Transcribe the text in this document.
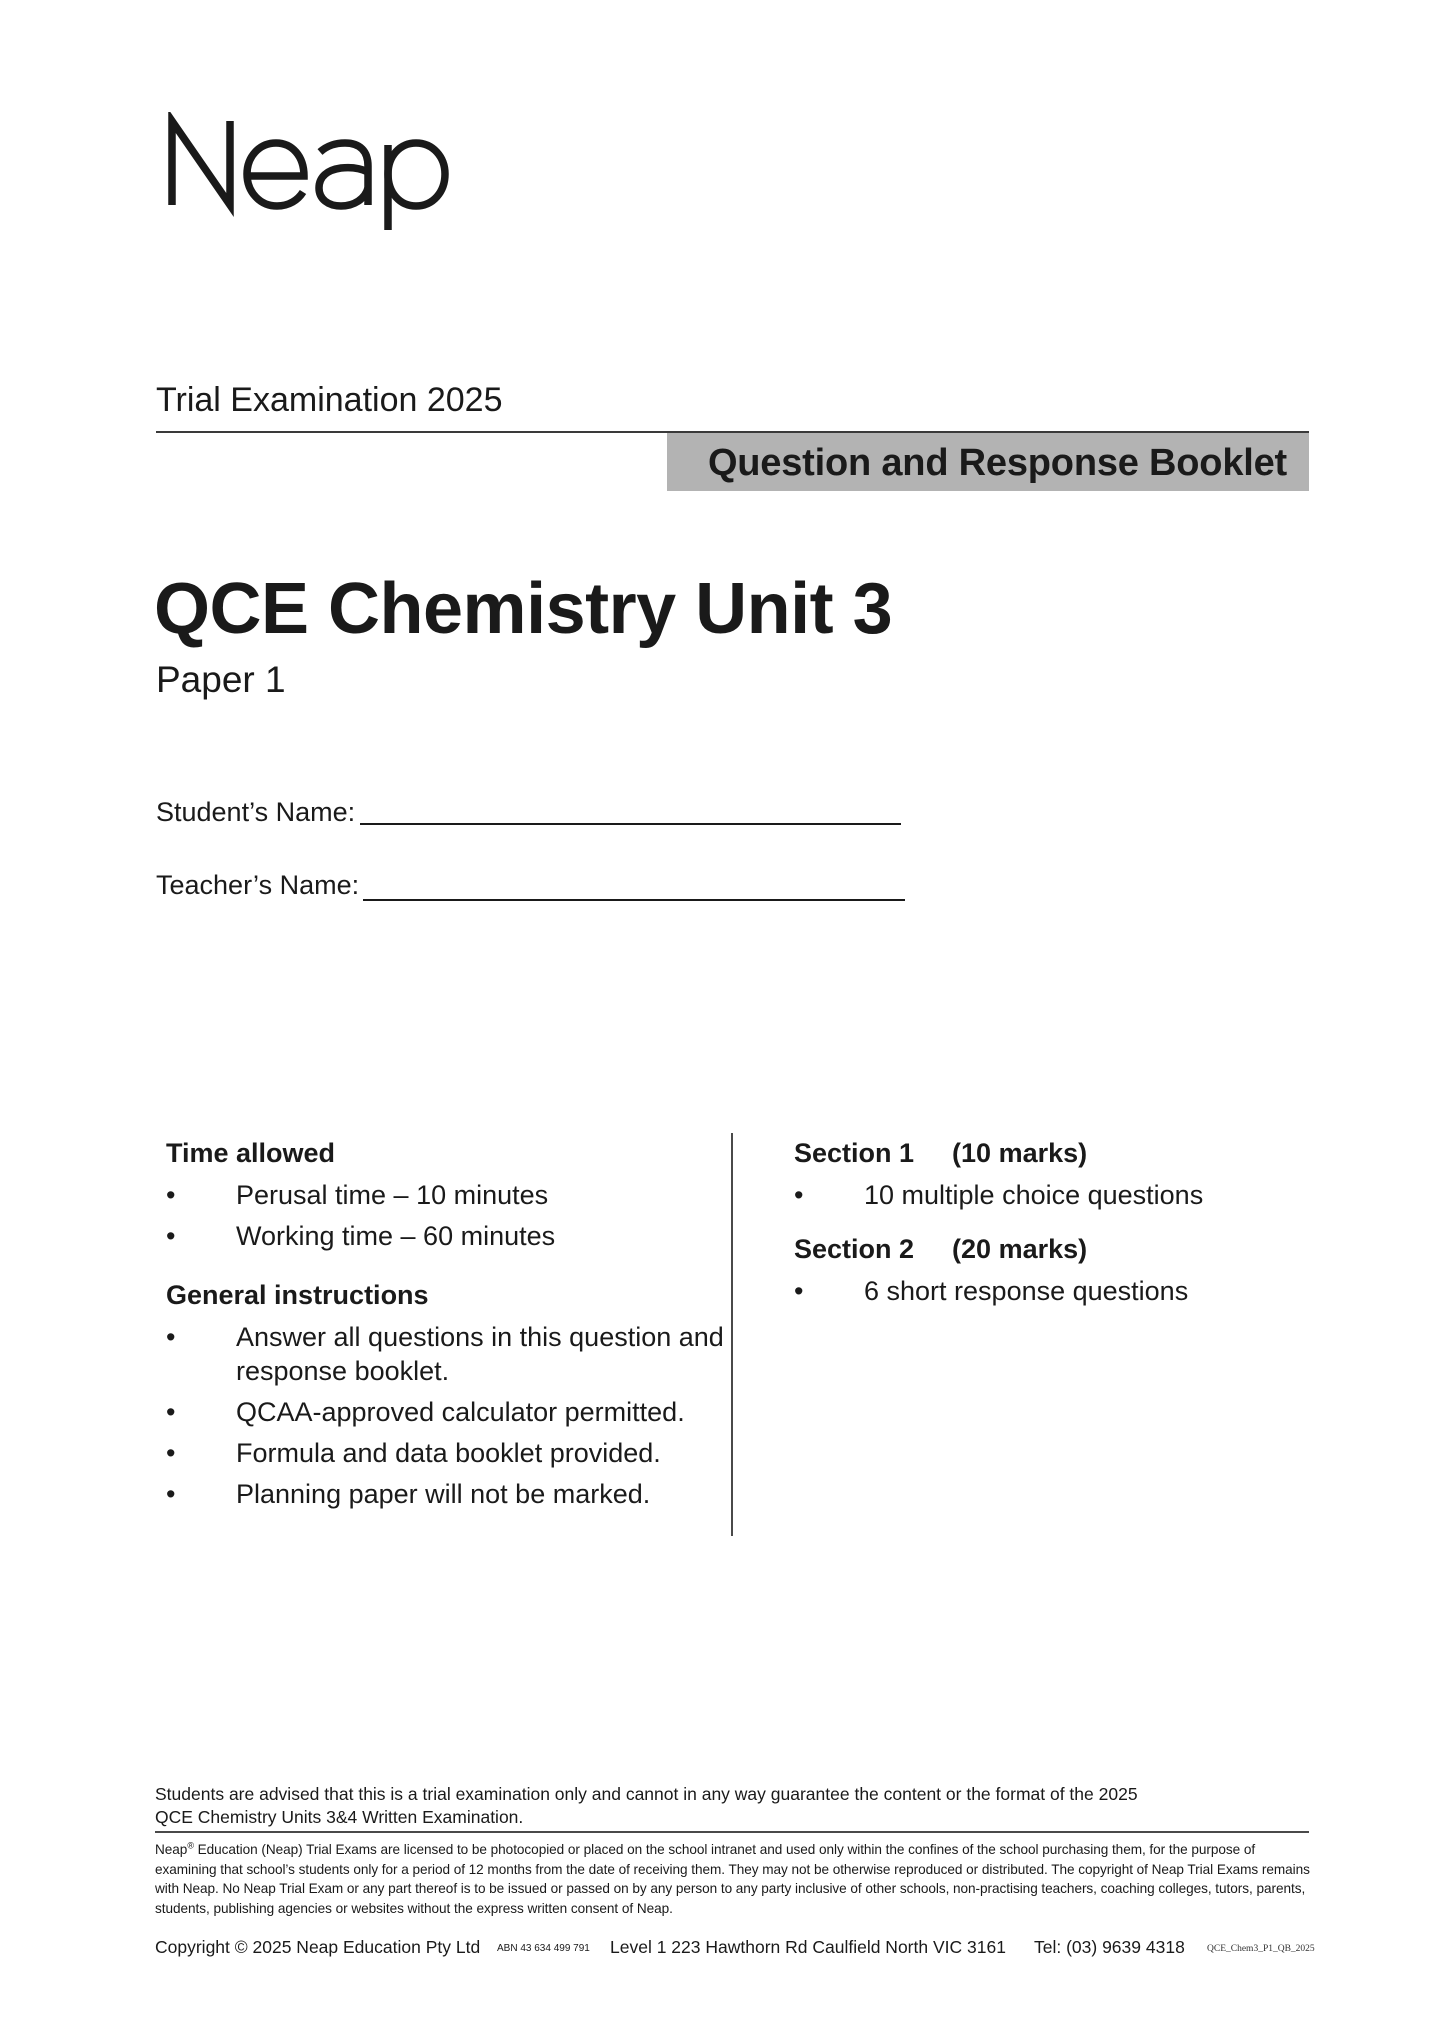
Trial Examination 2025
Question and Response Booklet
QCE Chemistry Unit 3
Paper 1
Student’s Name:
Teacher’s Name:
Time allowed
•	Perusal time – 10 minutes
•	Working time – 60 minutes
General instructions
•	Answer all questions in this question and response booklet.
•	QCAA-approved calculator permitted.
•	Formula and data booklet provided.
•	Planning paper will not be marked.
Section 1 (10 marks)
•	10 multiple choice questions
Section 2 (20 marks)
•	6 short response questions
Students are advised that this is a trial examination only and cannot in any way guarantee the content or the format of the 2025
QCE Chemistry Units 3&4 Written Examination.
Neap® Education (Neap) Trial Exams are licensed to be photocopied or placed on the school intranet and used only within the confines of the school purchasing them, for the purpose of examining that school’s students only for a period of 12 months from the date of receiving them. They may not be otherwise reproduced or distributed. The copyright of Neap Trial Exams remains with Neap. No Neap Trial Exam or any part thereof is to be issued or passed on by any person to any party inclusive of other schools, non-practising teachers, coaching colleges, tutors, parents, students, publishing agencies or websites without the express written consent of Neap.
Copyright © 2025 Neap Education Pty Ltd ABN 43 634 499 791 Level 1 223 Hawthorn Rd Caulfield North VIC 3161 Tel: (03) 9639 4318 QCE_Chem3_P1_QB_2025
